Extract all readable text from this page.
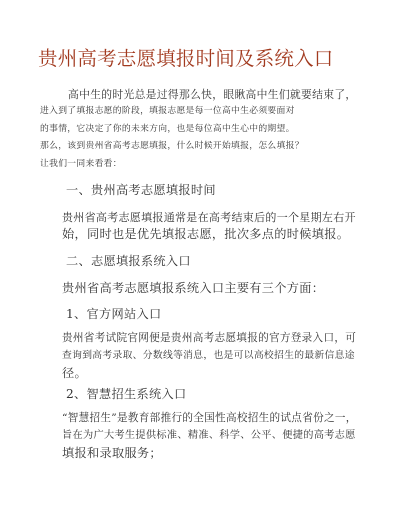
贵州高考志愿填报时间及系统入口
高中生的时光总是过得那么快，眼瞅高中生们就要结束了，
进入到了填报志愿的阶段，填报志愿是每一位高中生必须要面对
的事情，它决定了你的未来方向，也是每位高中生心中的期望。
那么，该到贵州省高考志愿填报，什么时候开始填报，怎么填报？
让我们一同来看看：
一、贵州高考志愿填报时间
贵州省高考志愿填报通常是在高考结束后的一个星期左右开
始，同时也是优先填报志愿，批次多点的时候填报。
二、志愿填报系统入口
贵州省高考志愿填报系统入口主要有三个方面：
1、官方网站入口
贵州省考试院官网便是贵州高考志愿填报的官方登录入口，可
查询到高考录取、分数线等消息，也是可以高校招生的最新信息途
径。
2、智慧招生系统入口
“智慧招生”是教育部推行的全国性高校招生的试点省份之一，
旨在为广大考生提供标准、精准、科学、公平、便捷的高考志愿
填报和录取服务；
